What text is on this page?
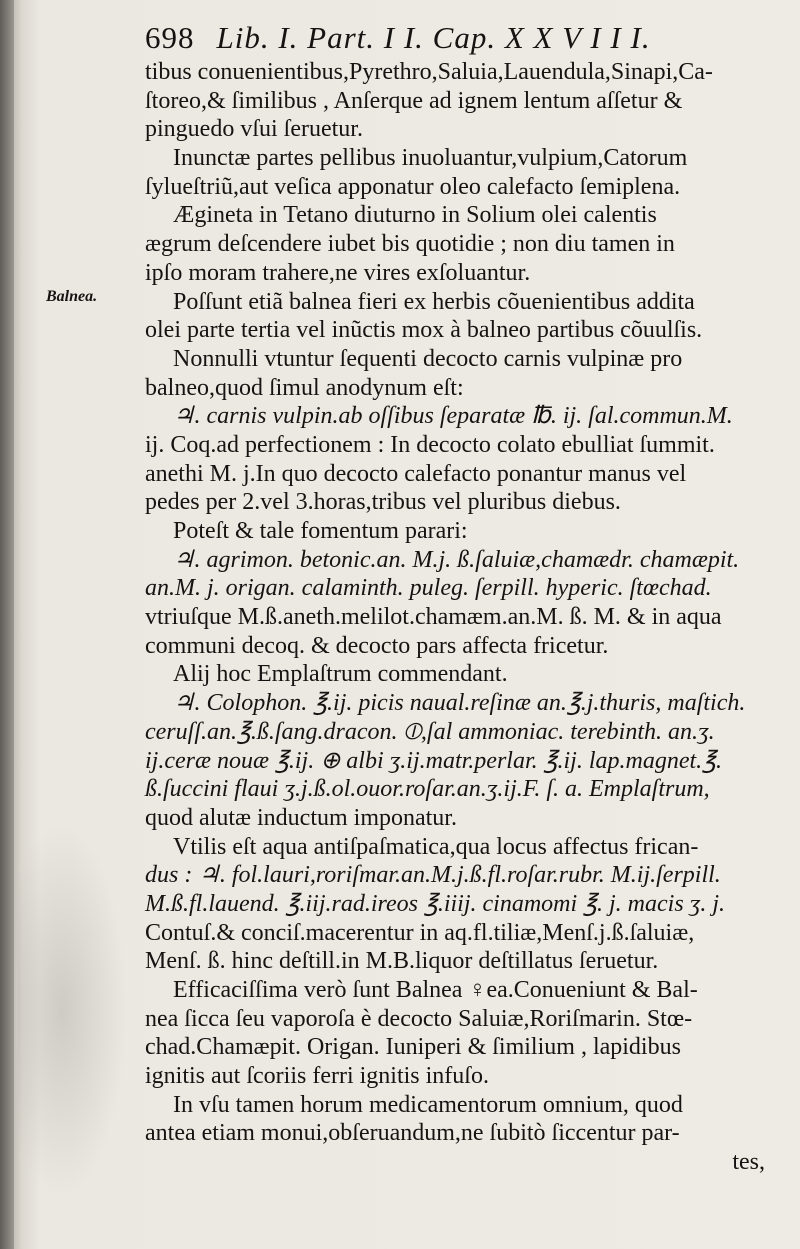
698 Lib. I. Part. I I. Cap. X X V I I I.
Balnea.
tibus conuenientibus,Pyrethro,Saluia,Lauendula,Sinapi,Ca-
ſtoreo,& ſimilibus , Anſerque ad ignem lentum aſſetur &
pinguedo vſui ſeruetur.
Inunctæ partes pellibus inuoluantur,vulpium,Catorum
ſylueſtriũ,aut veſica apponatur oleo calefacto ſemiplena.
Ægineta in Tetano diuturno in Solium olei calentis
ægrum deſcendere iubet bis quotidie ; non diu tamen in
ipſo moram trahere,ne vires exſoluantur.
Poſſunt etiã balnea fieri ex herbis cõuenientibus addita
olei parte tertia vel inũctis mox à balneo partibus cõuulſis.
Nonnulli vtuntur ſequenti decocto carnis vulpinæ pro
balneo,quod ſimul anodynum eſt:
♃. carnis vulpin.ab oſſibus ſeparatæ ℔. ij. ſal.commun.M.
ij. Coq.ad perfectionem : In decocto colato ebulliat ſummit.
anethi M. j.In quo decocto calefacto ponantur manus vel
pedes per 2.vel 3.horas,tribus vel pluribus diebus.
Poteſt & tale fomentum parari:
♃. agrimon. betonic.an. M.j. ß.ſaluiæ,chamædr. chamæpit.
an.M. j. origan. calaminth. puleg. ſerpill. hyperic. ſtœchad.
vtriuſque M.ß.aneth.melilot.chamæm.an.M. ß. M. & in aqua
communi decoq. & decocto pars affecta fricetur.
Alij hoc Emplaſtrum commendant.
♃. Colophon. ℥.ij. picis naual.reſinæ an.℥.j.thuris, maſtich.
ceruſſ.an.℥.ß.ſang.dracon. ⦶,ſal ammoniac. terebinth. an.ʒ.
ij.ceræ nouæ ℥.ij. ⊕ albi ʒ.ij.matr.perlar. ℥.ij. lap.magnet.℥.
ß.ſuccini flaui ʒ.j.ß.ol.ouor.roſar.an.ʒ.ij.F. ſ. a. Emplaſtrum,
quod alutæ inductum imponatur.
Vtilis eſt aqua antiſpaſmatica,qua locus affectus frican-
dus : ♃. fol.lauri,roriſmar.an.M.j.ß.fl.roſar.rubr. M.ij.ſerpill.
M.ß.fl.lauend. ℥.iij.rad.ireos ℥.iiij. cinamomi ℥. j. macis ʒ. j.
Contuſ.& conciſ.macerentur in aq.fl.tiliæ,Menſ.j.ß.ſaluiæ,
Menſ. ß. hinc deſtill.in M.B.liquor deſtillatus ſeruetur.
Efficaciſſima verò ſunt Balnea ♀ea.Conueniunt & Bal-
nea ſicca ſeu vaporoſa è decocto Saluiæ,Roriſmarin. Stœ-
chad.Chamæpit. Origan. Iuniperi & ſimilium , lapidibus
ignitis aut ſcoriis ferri ignitis infuſo.
In vſu tamen horum medicamentorum omnium, quod
antea etiam monui,obſeruandum,ne ſubitò ſiccentur par-
tes,
